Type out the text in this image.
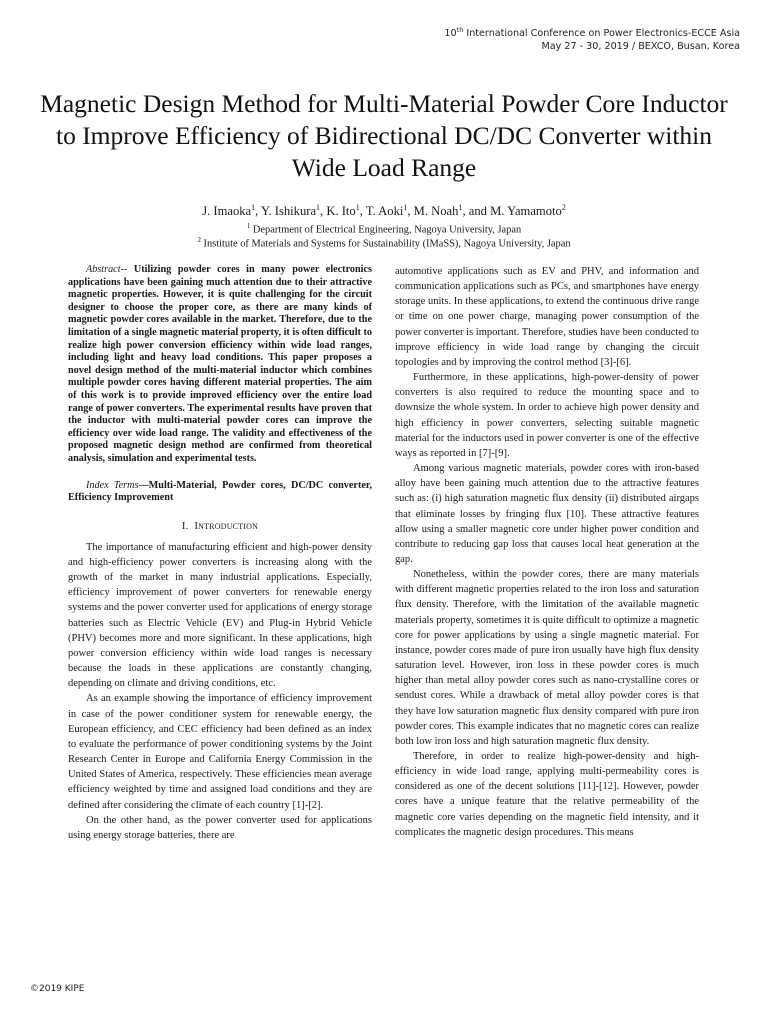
10th International Conference on Power Electronics-ECCE Asia
May 27 - 30, 2019 / BEXCO, Busan, Korea
Magnetic Design Method for Multi-Material Powder Core Inductor to Improve Efficiency of Bidirectional DC/DC Converter within Wide Load Range
J. Imaoka$^1$, Y. Ishikura$^1$, K. Ito$^1$, T. Aoki$^1$, M. Noah$^1$, and M. Yamamoto$^2$
$^1$ Department of Electrical Engineering, Nagoya University, Japan
$^2$ Institute of Materials and Systems for Sustainability (IMaSS), Nagoya University, Japan

Abstract-- Utilizing powder cores in many power electronics applications have been gaining much attention due to their attractive magnetic properties. However, it is quite challenging for the circuit designer to choose the proper core, as there are many kinds of magnetic powder cores available in the market. Therefore, due to the limitation of a single magnetic material property, it is often difficult to realize high power conversion efficiency within wide load ranges, including light and heavy load conditions. This paper proposes a novel design method of the multi-material inductor which combines multiple powder cores having different material properties. The aim of this work is to provide improved efficiency over the entire load range of power converters. The experimental results have proven that the inductor with multi-material powder cores can improve the efficiency over wide load range. The validity and effectiveness of the proposed magnetic design method are confirmed from theoretical analysis, simulation and experimental tests.

Index Terms—Multi-Material, Powder cores, DC/DC converter, Efficiency Improvement

I. Introduction

The importance of manufacturing efficient and high-power density and high-efficiency power converters is increasing along with the growth of the market in many industrial applications. Especially, efficiency improvement of power converters for renewable energy systems and the power converter used for applications of energy storage batteries such as Electric Vehicle (EV) and Plug-in Hybrid Vehicle (PHV) becomes more and more significant. In these applications, high power conversion efficiency within wide load ranges is necessary because the loads in these applications are constantly changing, depending on climate and driving conditions, etc.

As an example showing the importance of efficiency improvement in case of the power conditioner system for renewable energy, the European efficiency, and CEC efficiency had been defined as an index to evaluate the performance of power conditioning systems by the Joint Research Center in Europe and California Energy Commission in the United States of America, respectively. These efficiencies mean average efficiency weighted by time and assigned load conditions and they are defined after considering the climate of each country [1]-[2].

On the other hand, as the power converter used for applications using energy storage batteries, there are

automotive applications such as EV and PHV, and information and communication applications such as PCs, and smartphones have energy storage units. In these applications, to extend the continuous drive range or time on one power charge, managing power consumption of the power converter is important. Therefore, studies have been conducted to improve efficiency in wide load range by changing the circuit topologies and by improving the control method [3]-[6].

Furthermore, in these applications, high-power-density of power converters is also required to reduce the mounting space and to downsize the whole system. In order to achieve high power density and high efficiency in power converters, selecting suitable magnetic material for the inductors used in power converter is one of the effective ways as reported in [7]-[9].

Among various magnetic materials, powder cores with iron-based alloy have been gaining much attention due to the attractive features such as: (i) high saturation magnetic flux density (ii) distributed airgaps that eliminate losses by fringing flux [10]. These attractive features allow using a smaller magnetic core under higher power condition and contribute to reducing gap loss that causes local heat generation at the gap.

Nonetheless, within the powder cores, there are many materials with different magnetic properties related to the iron loss and saturation flux density. Therefore, with the limitation of the available magnetic materials property, sometimes it is quite difficult to optimize a magnetic core for power applications by using a single magnetic material. For instance, powder cores made of pure iron usually have high flux density saturation level. However, iron loss in these powder cores is much higher than metal alloy powder cores such as nano-crystalline cores or sendust cores. While a drawback of metal alloy powder cores is that they have low saturation magnetic flux density compared with pure iron powder cores. This example indicates that no magnetic cores can realize both low iron loss and high saturation magnetic flux density.

Therefore, in order to realize high-power-density and high-efficiency in wide load range, applying multi-permeability cores is considered as one of the decent solutions [11]-[12]. However, powder cores have a unique feature that the relative permeability of the magnetic core varies depending on the magnetic field intensity, and it complicates the magnetic design procedures. This means

©2019 KIPE
